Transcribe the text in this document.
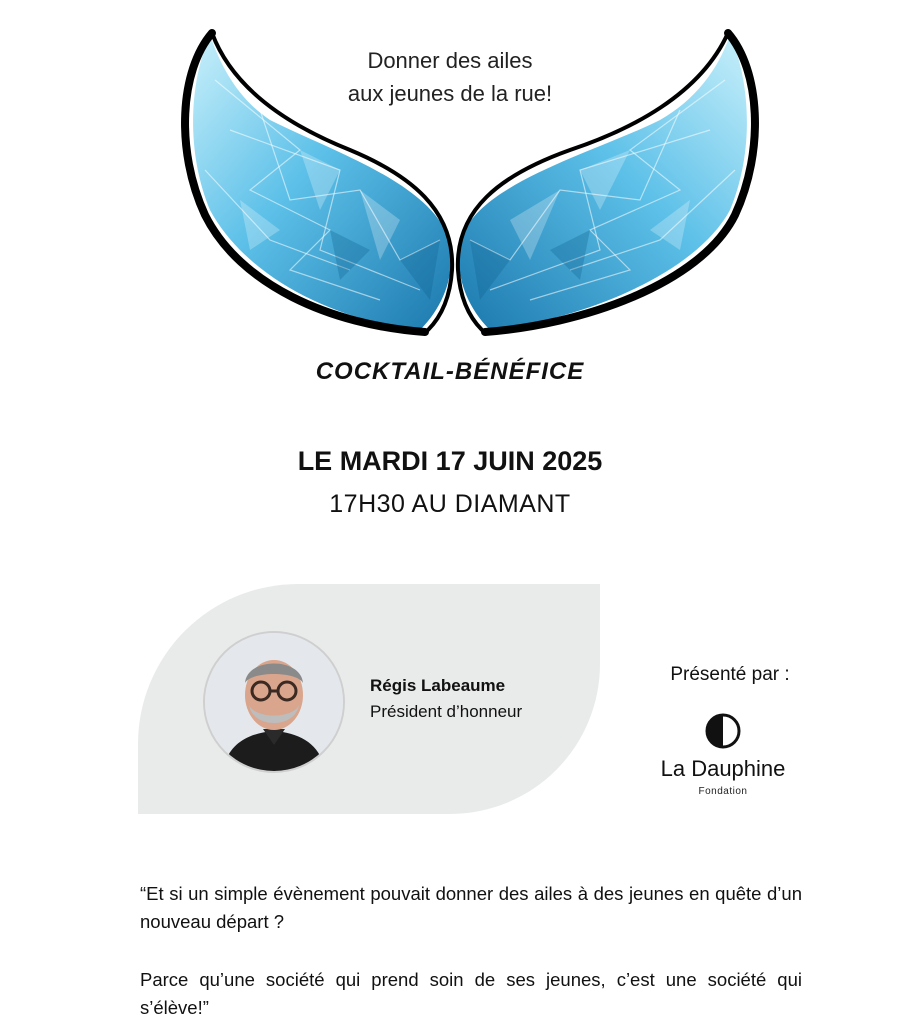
Donner des ailes
aux jeunes de la rue!
COCKTAIL-BÉNÉFICE
LE MARDI 17 JUIN 2025
17H30 AU DIAMANT
Régis Labeaume
Président d’honneur
Présenté par :
La Dauphine
Fondation

“Et si un simple évènement pouvait donner des ailes à des jeunes en quête d’un nouveau départ ?

Parce qu’une société qui prend soin de ses jeunes, c’est une société qui s’élève!”
